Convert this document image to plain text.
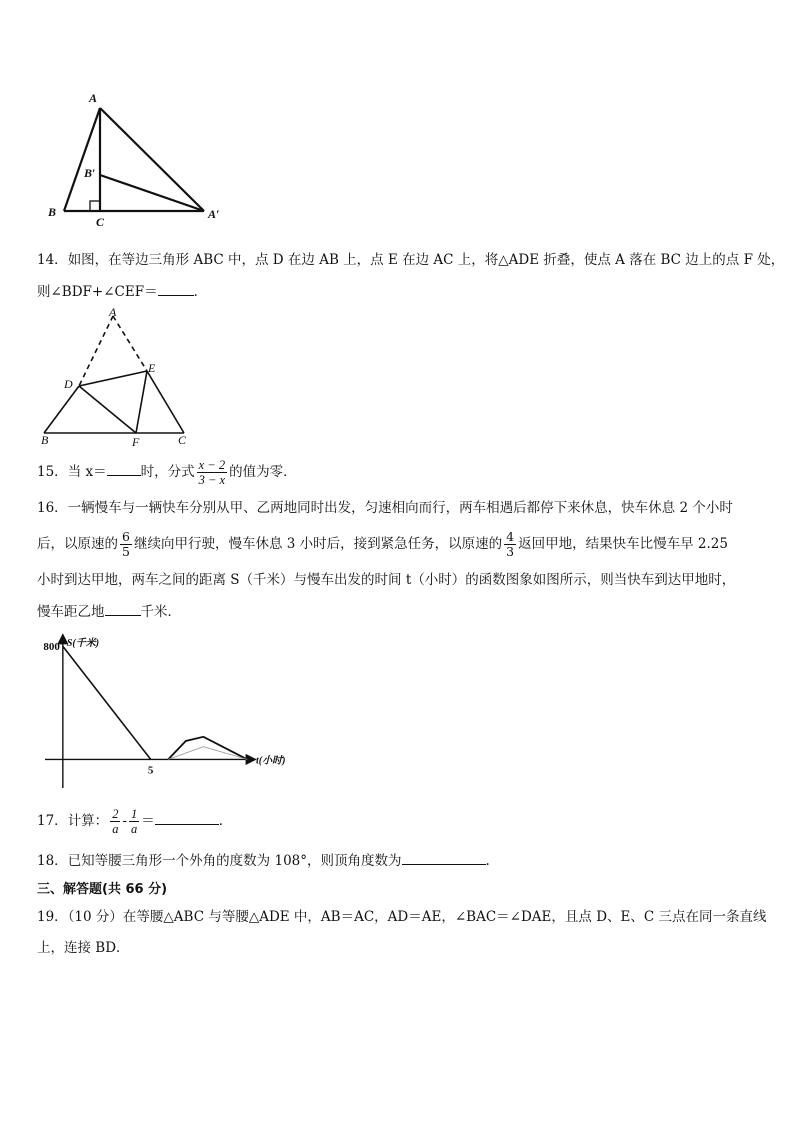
A
B′
B
C
A′
14．如图，在等边三角形 ABC 中，点 D 在边 AB 上，点 E 在边 AC 上，将△ADE 折叠，使点 A 落在 BC 边上的点 F 处，
则∠BDF+∠CEF＝	．
A
D
E
B	F	C
15．当 x＝	时，分式 $\frac{x - 2}{3 - x}$ 的值为零．
16．一辆慢车与一辆快车分别从甲、乙两地同时出发，匀速相向而行，两车相遇后都停下来休息，快车休息 2 个小时
后，以原速的 $\frac{6}{5}$ 继续向甲行驶，慢车休息 3 小时后，接到紧急任务，以原速的 $\frac{4}{3}$ 返回甲地，结果快车比慢车早 2.25
小时到达甲地，两车之间的距离 S（千米）与慢车出发的时间 t（小时）的函数图象如图所示，则当快车到达甲地时，
慢车距乙地	千米．
S(千米)
t(小时)
800
5
17．计算： $\frac{2}{a} - \frac{1}{a}$ ＝	．
18．已知等腰三角形一个外角的度数为 108°，则顶角度数为	.
三、解答题(共 66 分)
19．（10 分）在等腰△ABC 与等腰△ADE 中，AB＝AC，AD＝AE，∠BAC＝∠DAE，且点 D、E、C 三点在同一条直线
上，连接 BD．
